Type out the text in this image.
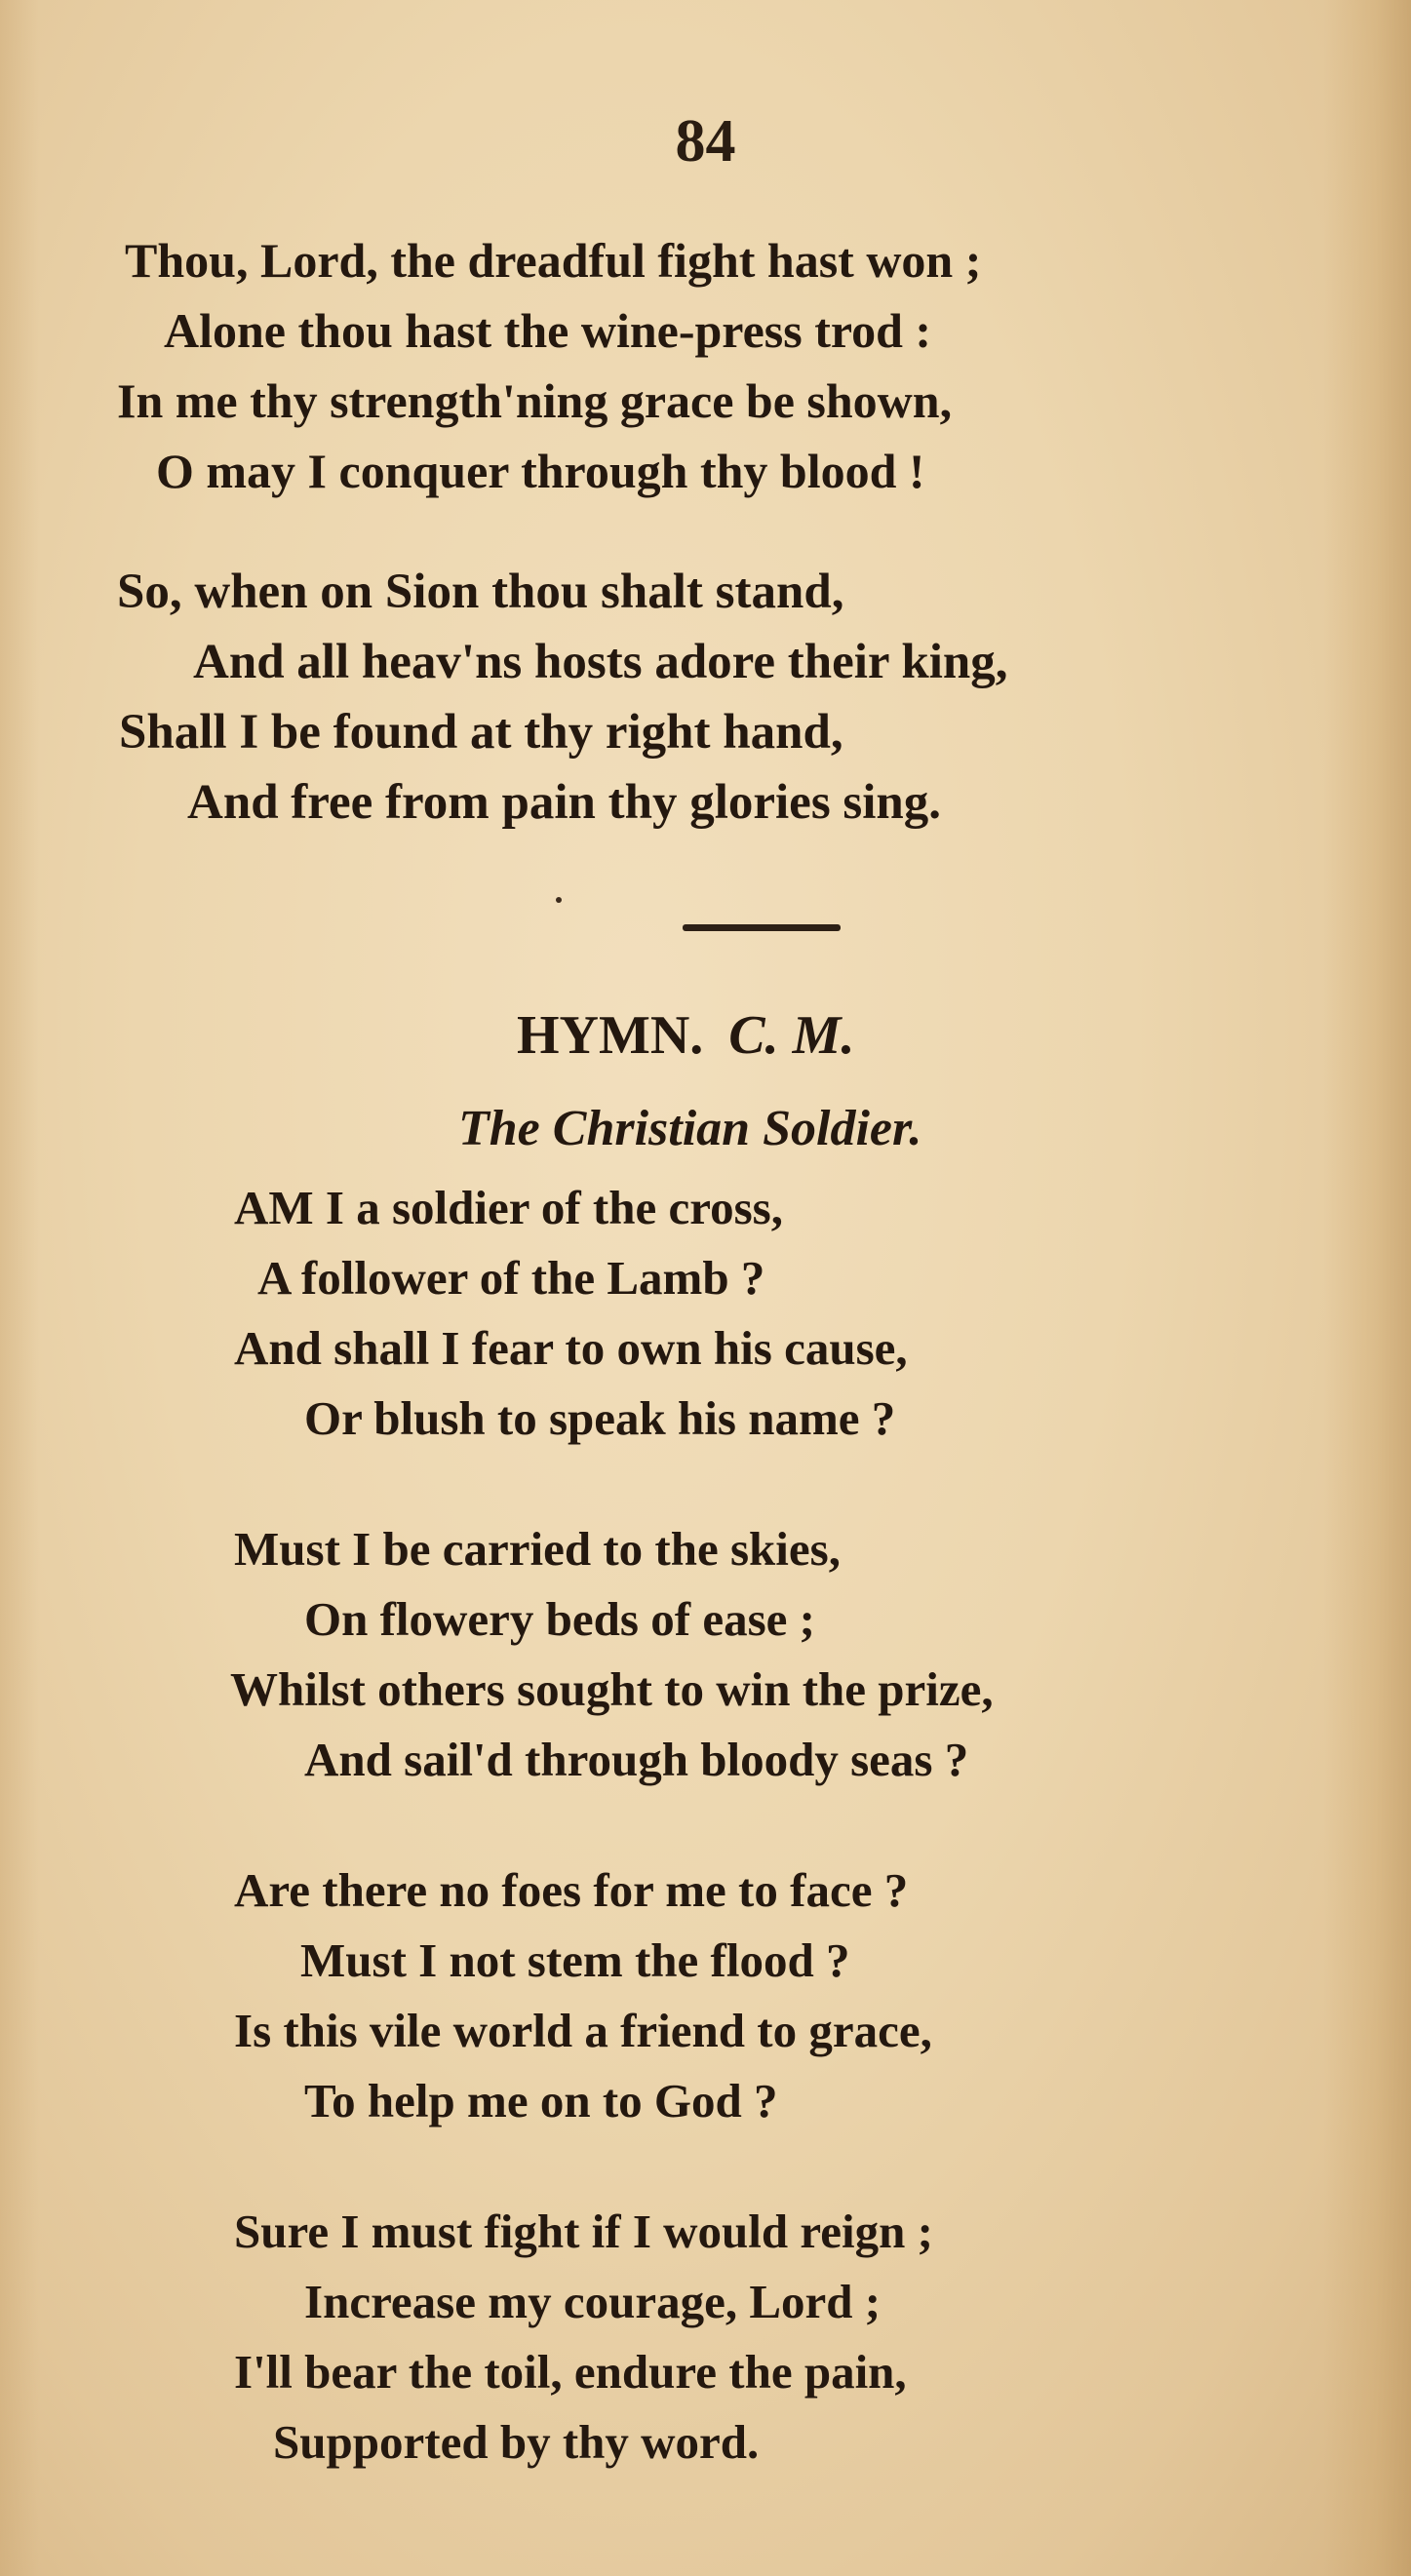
84
Thou, Lord, the dreadful fight hast won ;
Alone thou hast the wine-press trod :
In me thy strength'ning grace be shown,
O may I conquer through thy blood !
So, when on Sion thou shalt stand,
And all heav'ns hosts adore their king,
Shall I be found at thy right hand,
And free from pain thy glories sing.
HYMN. C. M.
The Christian Soldier.
AM I a soldier of the cross,
A follower of the Lamb ?
And shall I fear to own his cause,
Or blush to speak his name ?
Must I be carried to the skies,
On flowery beds of ease ;
Whilst others sought to win the prize,
And sail'd through bloody seas ?
Are there no foes for me to face ?
Must I not stem the flood ?
Is this vile world a friend to grace,
To help me on to God ?
Sure I must fight if I would reign ;
Increase my courage, Lord ;
I'll bear the toil, endure the pain,
Supported by thy word.
